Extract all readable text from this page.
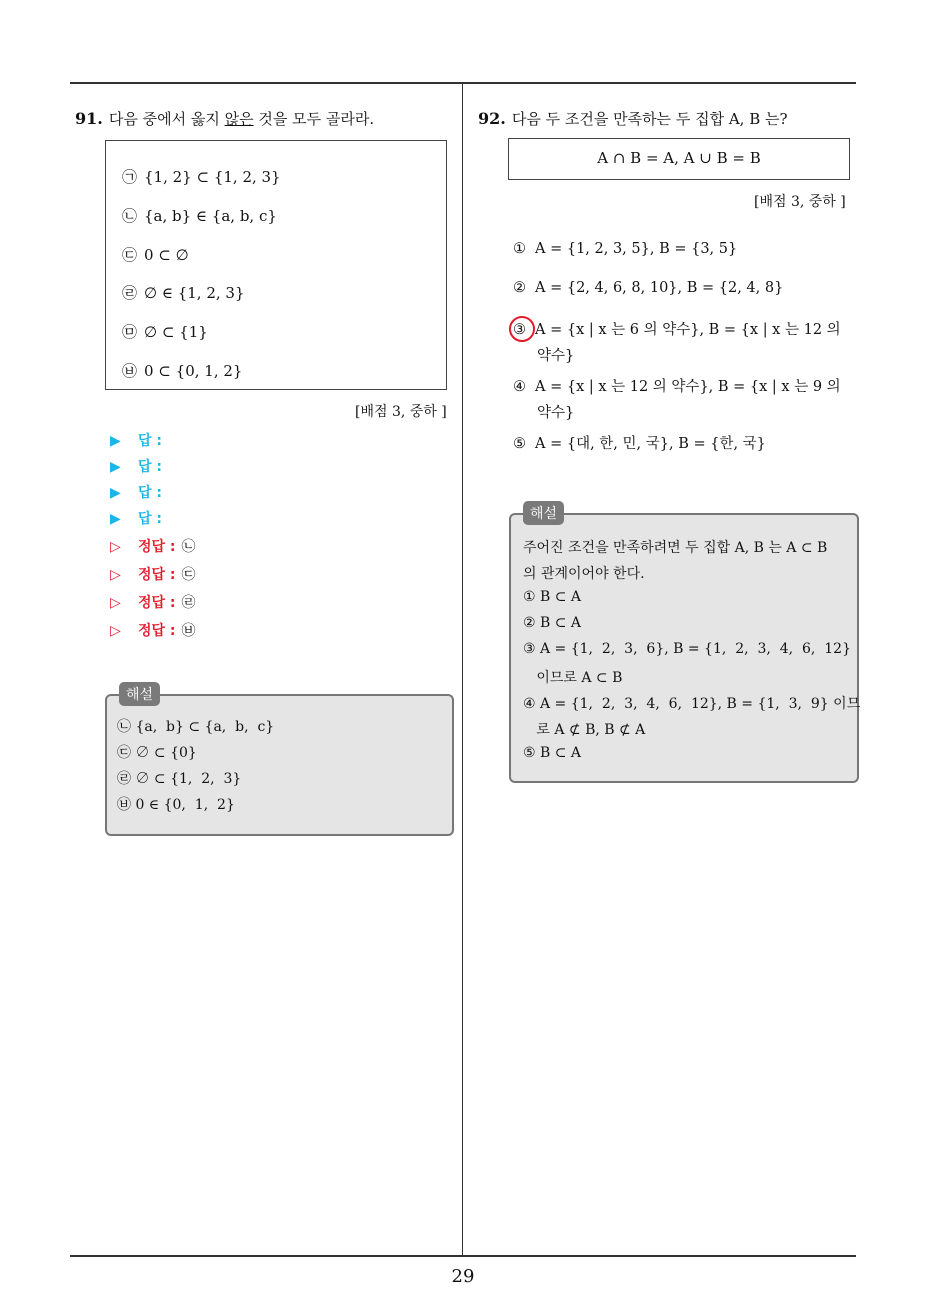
29
91. 다음 중에서 옳지 않은 것을 모두 골라라.
㉠ {1, 2} ⊂ {1, 2, 3}
㉡ {a, b} ∈ {a, b, c}
㉢ 0 ⊂ ∅
㉣ ∅ ∈ {1, 2, 3}
㉤ ∅ ⊂ {1}
㉥ 0 ⊂ {0, 1, 2}
[배점 3, 중하 ]
▶ 답 :
▶ 답 :
▶ 답 :
▶ 답 :
▷ 정답 : ㉡
▷ 정답 : ㉢
▷ 정답 : ㉣
▷ 정답 : ㉥
㉡ {a,  b} ⊂ {a,  b,  c}
㉢ ∅ ⊂ {0}
㉣ ∅ ⊂ {1,  2,  3}
㉥ 0 ∈ {0,  1,  2}
해설
92. 다음 두 조건을 만족하는 두 집합 A, B 는?
A ∩ B = A, A ∪ B = B
[배점 3, 중하 ]
① A = {1, 2, 3, 5}, B = {3, 5}
② A = {2, 4, 6, 8, 10}, B = {2, 4, 8}
③ A = {x | x 는 6 의 약수}, B = {x | x 는 12 의
약수}
④ A = {x | x 는 12 의 약수}, B = {x | x 는 9 의
약수}
⑤ A = {대, 한, 민, 국}, B = {한, 국}
주어진 조건을 만족하려면 두 집합 A, B 는 A ⊂ B
의 관계이어야 한다.
① B ⊂ A
② B ⊂ A
③ A = {1,  2,  3,  6}, B = {1,  2,  3,  4,  6,  12}
이므로 A ⊂ B
④ A = {1,  2,  3,  4,  6,  12}, B = {1,  3,  9} 이므
로 A ⊄ B, B ⊄ A
⑤ B ⊂ A
해설
